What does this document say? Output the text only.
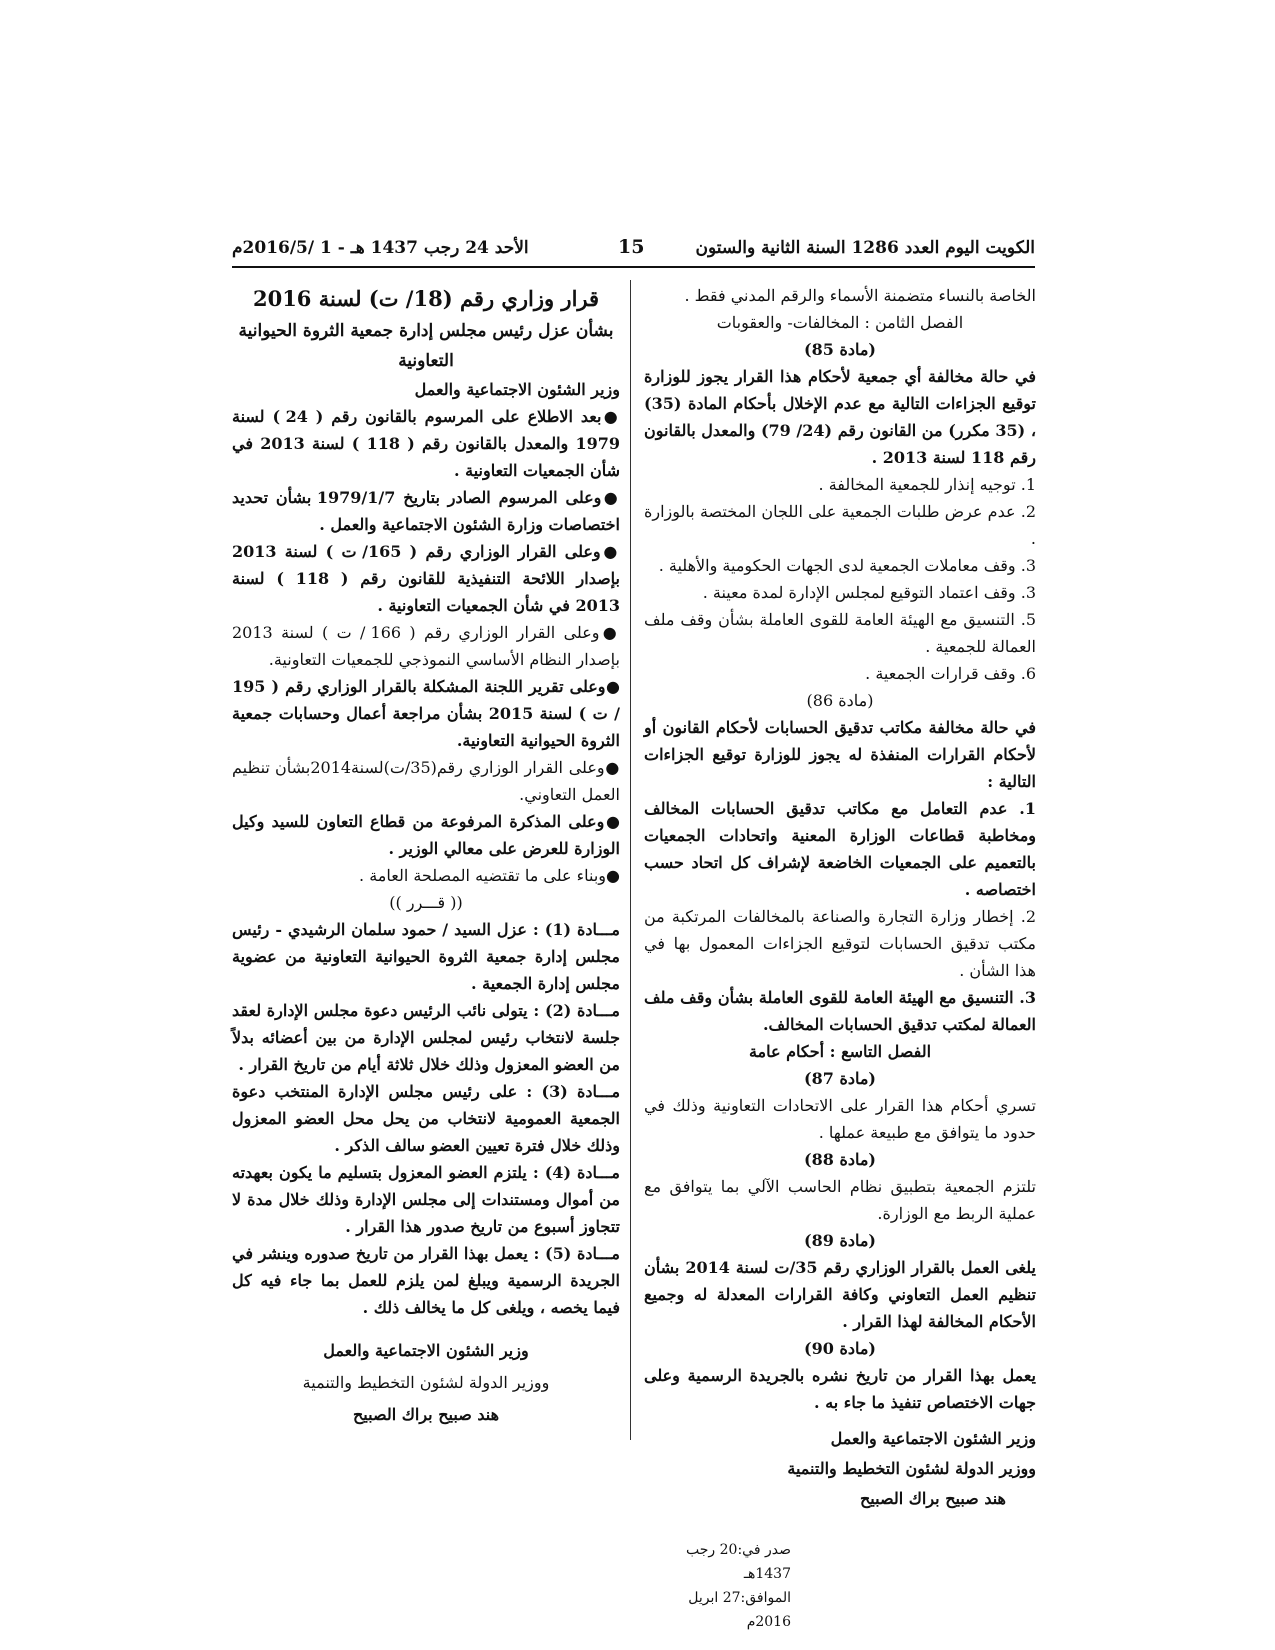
الكويت اليوم العدد 1286 السنة الثانية والستون
15
الأحد 24 رجب 1437 هـ - 1 /2016/5م

الخاصة بالنساء متضمنة الأسماء والرقم المدني فقط .

الفصل الثامن : المخالفات- والعقوبات

(مادة 85)

في حالة مخالفة أي جمعية لأحكام هذا القرار يجوز للوزارة توقيع الجزاءات التالية مع عدم الإخلال بأحكام المادة (35) ، (35 مكرر) من القانون رقم (24/ 79) والمعدل بالقانون رقم 118 لسنة 2013 .

1. توجيه إنذار للجمعية المخالفة .

2. عدم عرض طلبات الجمعية على اللجان المختصة بالوزارة .

3. وقف معاملات الجمعية لدى الجهات الحكومية والأهلية .

3. وقف اعتماد التوقيع لمجلس الإدارة لمدة معينة .

5. التنسيق مع الهيئة العامة للقوى العاملة بشأن وقف ملف العمالة للجمعية .

6. وقف قرارات الجمعية .

(مادة 86)

في حالة مخالفة مكاتب تدقيق الحسابات لأحكام القانون أو لأحكام القرارات المنفذة له يجوز للوزارة توقيع الجزاءات التالية :

1. عدم التعامل مع مكاتب تدقيق الحسابات المخالف ومخاطبة قطاعات الوزارة المعنية واتحادات الجمعيات بالتعميم على الجمعيات الخاضعة لإشراف كل اتحاد حسب اختصاصه .

2. إخطار وزارة التجارة والصناعة بالمخالفات المرتكبة من مكتب تدقيق الحسابات لتوقيع الجزاءات المعمول بها في هذا الشأن .

3. التنسيق مع الهيئة العامة للقوى العاملة بشأن وقف ملف العمالة لمكتب تدقيق الحسابات المخالف.

الفصل التاسع : أحكام عامة

(مادة 87)

تسري أحكام هذا القرار على الاتحادات التعاونية وذلك في حدود ما يتوافق مع طبيعة عملها .

(مادة 88)

تلتزم الجمعية بتطبيق نظام الحاسب الآلي بما يتوافق مع عملية الربط مع الوزارة.

(مادة 89)

يلغى العمل بالقرار الوزاري رقم 35/ت لسنة 2014 بشأن تنظيم العمل التعاوني وكافة القرارات المعدلة له وجميع الأحكام المخالفة لهذا القرار .

(مادة 90)

يعمل بهذا القرار من تاريخ نشره بالجريدة الرسمية وعلى جهات الاختصاص تنفيذ ما جاء به .

وزير الشئون الاجتماعية والعمل
ووزير الدولة لشئون التخطيط والتنمية
هند صبيح براك الصبيح
صدر في:20 رجب 1437هـ
الموافق:27 ابريل 2016م

قرار وزاري رقم (18/ ت) لسنة 2016

بشأن عزل رئيس مجلس إدارة جمعية الثروة الحيوانية التعاونية

وزير الشئون الاجتماعية والعمل

●بعد الاطلاع على المرسوم بالقانون رقم ( 24 ) لسنة 1979 والمعدل بالقانون رقم ( 118 ) لسنة 2013 في شأن الجمعيات التعاونية .

●وعلى المرسوم الصادر بتاريخ 1979/1/7 بشأن تحديد اختصاصات وزارة الشئون الاجتماعية والعمل .

●وعلى القرار الوزاري رقم ( 165/ ت ) لسنة 2013 بإصدار اللائحة التنفيذية للقانون رقم ( 118 ) لسنة 2013 في شأن الجمعيات التعاونية .

●وعلى القرار الوزاري رقم ( 166 / ت ) لسنة 2013 بإصدار النظام الأساسي النموذجي للجمعيات التعاونية.

●وعلى تقرير اللجنة المشكلة بالقرار الوزاري رقم ( 195 / ت ) لسنة 2015 بشأن مراجعة أعمال وحسابات جمعية الثروة الحيوانية التعاونية.

●وعلى القرار الوزاري رقم(35/ت)لسنة2014بشأن تنظيم العمل التعاوني.

●وعلى المذكرة المرفوعة من قطاع التعاون للسيد وكيل الوزارة للعرض على معالي الوزير .

●وبناء على ما تقتضيه المصلحة العامة .

(( قـــرر ))

مـــادة (1) : عزل السيد / حمود سلمان الرشيدي - رئيس مجلس إدارة جمعية الثروة الحيوانية التعاونية من عضوية مجلس إدارة الجمعية .

مـــادة (2) : يتولى نائب الرئيس دعوة مجلس الإدارة لعقد جلسة لانتخاب رئيس لمجلس الإدارة من بين أعضائه بدلاً من العضو المعزول وذلك خلال ثلاثة أيام من تاريخ القرار .

مـــادة (3) : على رئيس مجلس الإدارة المنتخب دعوة الجمعية العمومية لانتخاب من يحل محل العضو المعزول وذلك خلال فترة تعيين العضو سالف الذكر .

مـــادة (4) : يلتزم العضو المعزول بتسليم ما يكون بعهدته من أموال ومستندات إلى مجلس الإدارة وذلك خلال مدة لا تتجاوز أسبوع من تاريخ صدور هذا القرار .

مـــادة (5) : يعمل بهذا القرار من تاريخ صدوره وينشر في الجريدة الرسمية ويبلغ لمن يلزم للعمل بما جاء فيه كل فيما يخصه ، ويلغى كل ما يخالف ذلك .

وزير الشئون الاجتماعية والعمل
ووزير الدولة لشئون التخطيط والتنمية
هند صبيح براك الصبيح
